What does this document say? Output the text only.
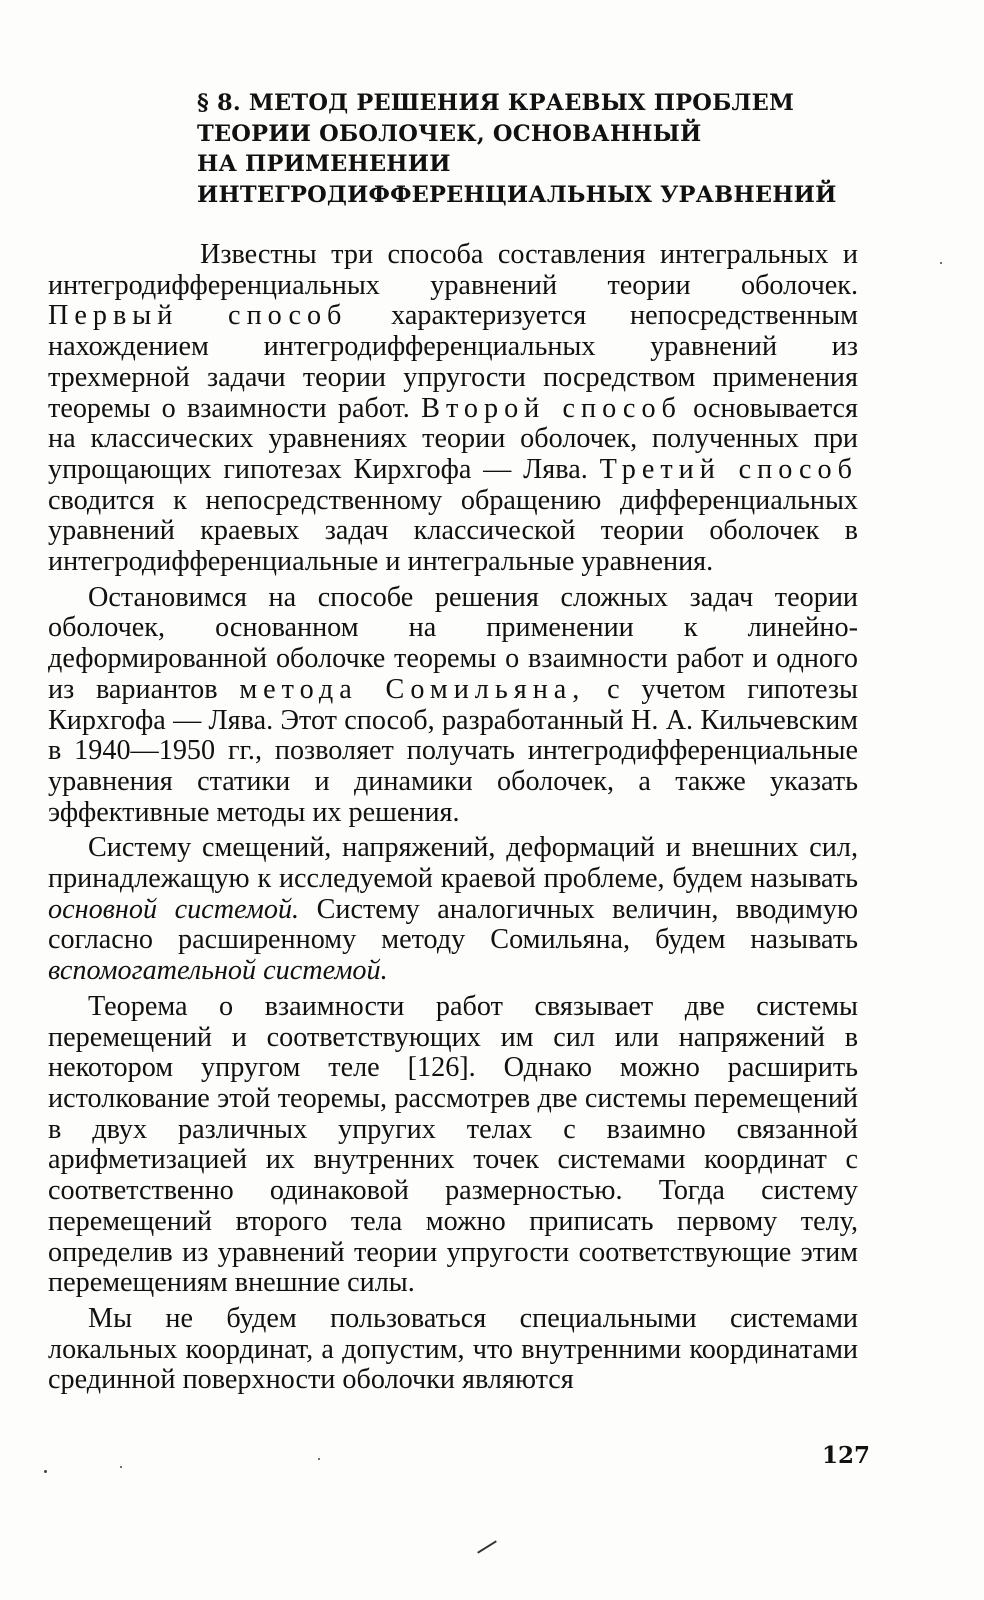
§ 8. МЕТОД РЕШЕНИЯ КРАЕВЫХ ПРОБЛЕМ
ТЕОРИИ ОБОЛОЧЕК, ОСНОВАННЫЙ
НА ПРИМЕНЕНИИ
ИНТЕГРОДИФФЕРЕНЦИАЛЬНЫХ УРАВНЕНИЙ

Известны три способа составления интегральных и интегродифференциальных уравнений теории оболочек. Первый способ характеризуется непосредственным нахождением интегродифференциальных уравнений из трехмерной задачи теории упругости посредством применения теоремы о взаимности работ. Второй способ основывается на классических уравнениях теории оболочек, полученных при упрощающих гипотезах Кирхгофа — Лява. Третий способ сводится к непосредственному обращению дифференциальных уравнений краевых задач классической теории оболочек в интегродифференциальные и интегральные уравнения.

Остановимся на способе решения сложных задач теории оболочек, основанном на применении к линейно-деформированной оболочке теоремы о взаимности работ и одного из вариантов метода Сомильяна, с учетом гипотезы Кирхгофа — Лява. Этот способ, разработанный Н. А. Кильчевским в 1940—1950 гг., позволяет получать интегродифференциальные уравнения статики и динамики оболочек, а также указать эффективные методы их решения.

Систему смещений, напряжений, деформаций и внешних сил, принадлежащую к исследуемой краевой проблеме, будем называть основной системой. Систему аналогичных величин, вводимую согласно расширенному методу Сомильяна, будем называть вспомогательной системой.

Теорема о взаимности работ связывает две системы перемещений и соответствующих им сил или напряжений в некотором упругом теле [126]. Однако можно расширить истолкование этой теоремы, рассмотрев две системы перемещений в двух различных упругих телах с взаимно связанной арифметизацией их внутренних точек системами координат с соответственно одинаковой размерностью. Тогда систему перемещений второго тела можно приписать первому телу, определив из уравнений теории упругости соответствующие этим перемещениям внешние силы.

Мы не будем пользоваться специальными системами локальных координат, а допустим, что внутренними координатами срединной поверхности оболочки являются

127
